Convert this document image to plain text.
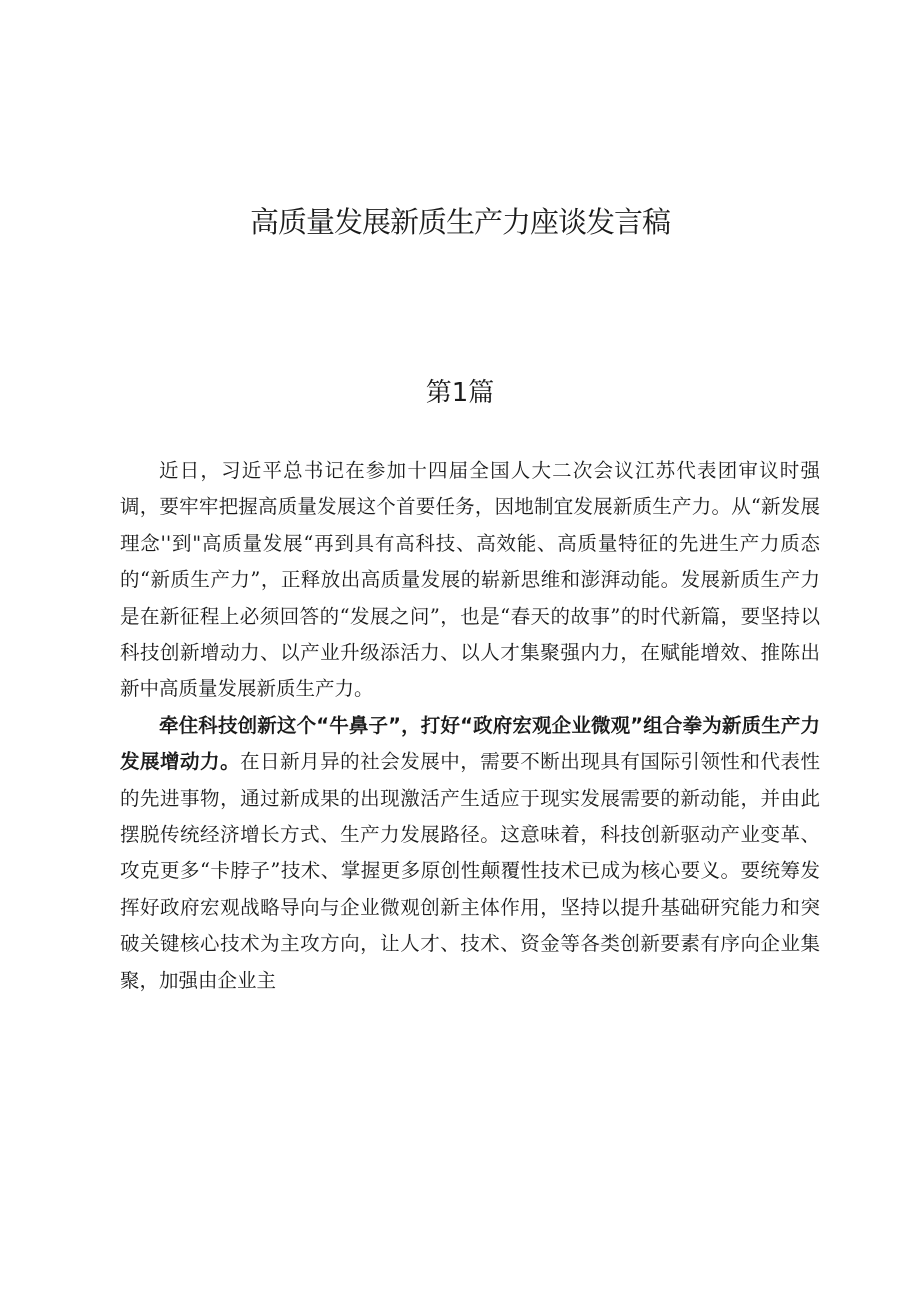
高质量发展新质生产力座谈发言稿
第1篇

近日，习近平总书记在参加十四届全国人大二次会议江苏代表团审议时强调，要牢牢把握高质量发展这个首要任务，因地制宜发展新质生产力。从“新发展理念''到"高质量发展“再到具有高科技、高效能、高质量特征的先进生产力质态的“新质生产力”，正释放出高质量发展的崭新思维和澎湃动能。发展新质生产力是在新征程上必须回答的“发展之问”，也是“春天的故事”的时代新篇，要坚持以科技创新增动力、以产业升级添活力、以人才集聚强内力，在赋能增效、推陈出新中高质量发展新质生产力。

牵住科技创新这个“牛鼻子”，打好“政府宏观企业微观”组合拳为新质生产力发展增动力。在日新月异的社会发展中，需要不断出现具有国际引领性和代表性的先进事物，通过新成果的出现激活产生适应于现实发展需要的新动能，并由此摆脱传统经济增长方式、生产力发展路径。这意味着，科技创新驱动产业变革、攻克更多“卡脖子”技术、掌握更多原创性颠覆性技术已成为核心要义。要统筹发挥好政府宏观战略导向与企业微观创新主体作用，坚持以提升基础研究能力和突破关键核心技术为主攻方向，让人才、技术、资金等各类创新要素有序向企业集聚，加强由企业主
